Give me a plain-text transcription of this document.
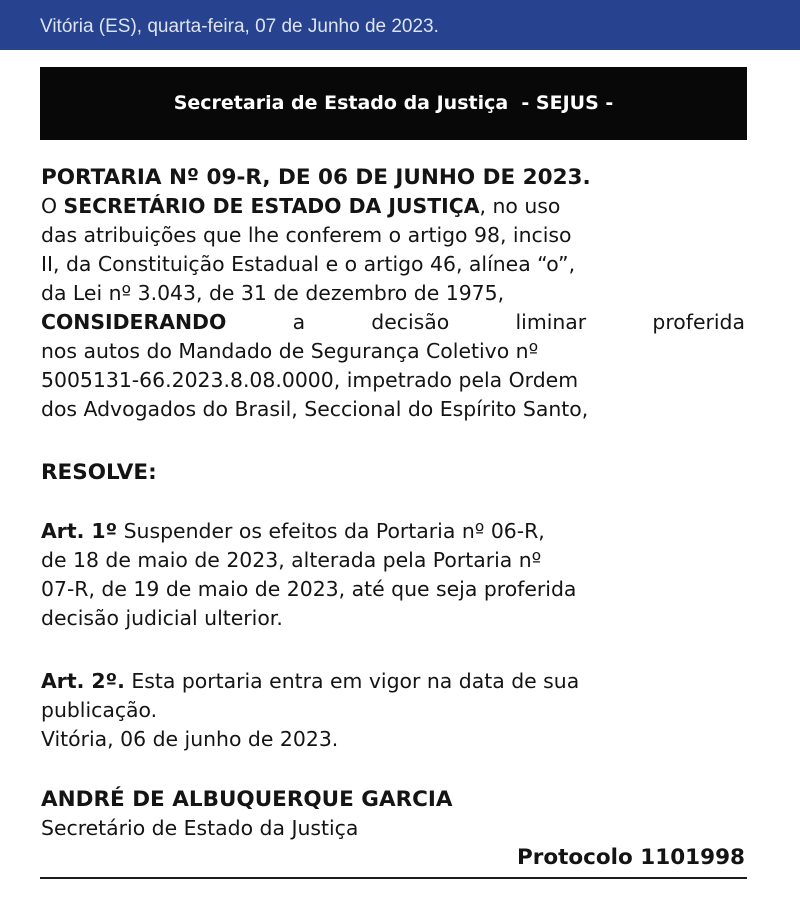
Vitória (ES), quarta-feira, 07 de Junho de 2023.
Secretaria de Estado da Justiça  - SEJUS -
PORTARIA Nº 09-R, DE 06 DE JUNHO DE 2023.
O SECRETÁRIO DE ESTADO DA JUSTIÇA, no uso
das atribuições que lhe conferem o artigo 98, inciso
II, da Constituição Estadual e o artigo 46, alínea “o”,
da Lei nº 3.043, de 31 de dezembro de 1975,
CONSIDERANDO a decisão liminar proferida
nos autos do Mandado de Segurança Coletivo nº
5005131-66.2023.8.08.0000, impetrado pela Ordem
dos Advogados do Brasil, Seccional do Espírito Santo,
RESOLVE:
Art. 1º Suspender os efeitos da Portaria nº 06-R,
de 18 de maio de 2023, alterada pela Portaria nº
07-R, de 19 de maio de 2023, até que seja proferida
decisão judicial ulterior.
Art. 2º. Esta portaria entra em vigor na data de sua
publicação.
Vitória, 06 de junho de 2023.
ANDRÉ DE ALBUQUERQUE GARCIA
Secretário de Estado da Justiça
Protocolo 1101998
